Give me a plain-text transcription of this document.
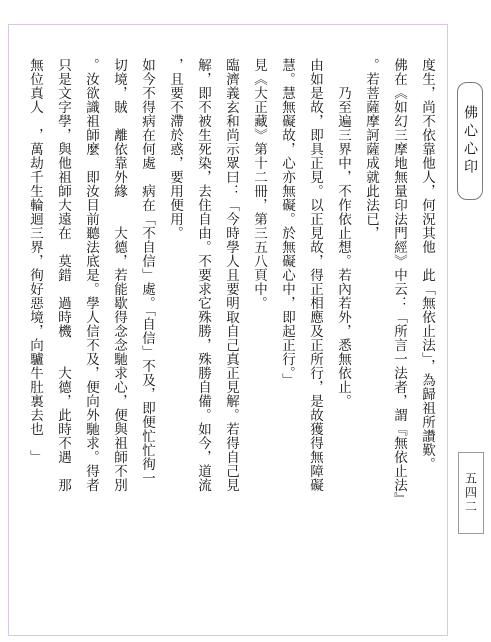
度生，尚不依靠他人，何況其他　此「無依止法」，為歸祖所讚歎。
佛在《如幻三摩地無量印法門經》中云：「所言一法者，謂『無依止法』
。若菩薩摩訶薩成就此法已，
　　乃至遍三界中，不作依止想。若內若外，悉無依止。
由如是故，即具正見。以正見故，得正相應及正所行，是故獲得無障礙
慧。慧無礙故，心亦無礙。於無礙心中，即起正行。」
見《大正藏》第十二冊，第三五八頁中。
臨濟義玄和尚示眾曰：「今時學人且要明取自己真正見解。若得自己見
解，即不被生死染，去住自由。不要求它殊勝，殊勝自備。如今，道流
，且要不滯於惑，要用便用。
如今不得病在何處　病在「不自信」處。「自信」不及，即便忙忙徇一
切境，賊　離依靠外緣　　大德，若能歇得念念馳求心，便與祖師不別
。汝欲識祖師麼　即汝目前聽法底是。學人信不及，便向外馳求。得者
只是文字學，與他祖師大遠在　莫錯　過時機　　大德，此時不遇　那
無位真人　，萬劫千生輪迴三界，徇好惡境，向驢牛肚裏去也　」	佛心心印
五四二
